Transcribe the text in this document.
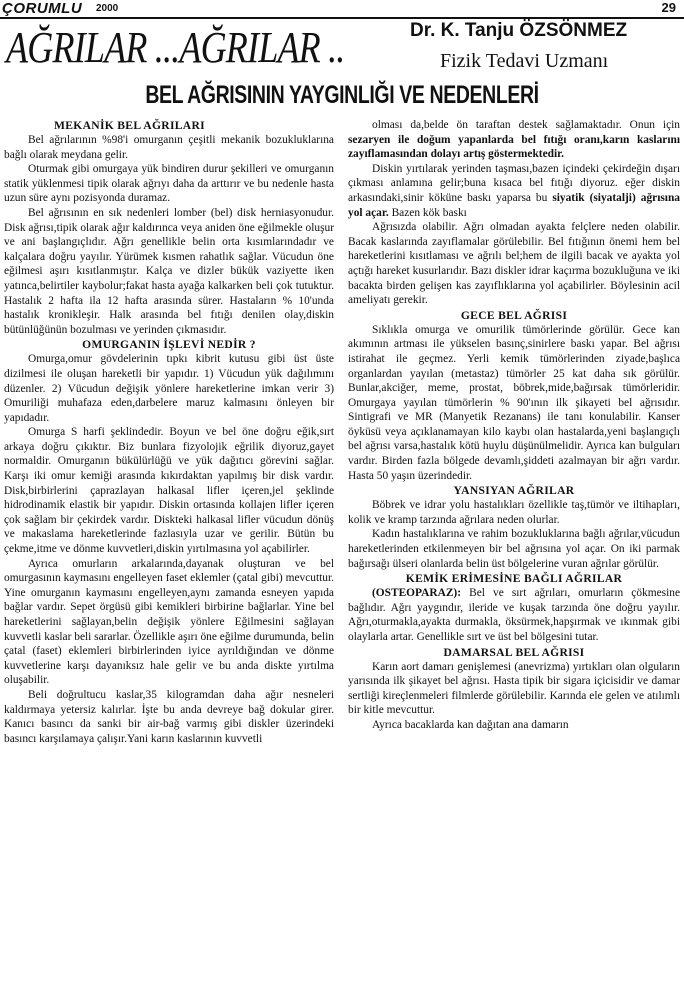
ÇORUMLU 2000	29
AĞRILAR ...AĞRILAR ..	Dr. K. Tanju ÖZSÖNMEZ
Fizik Tedavi Uzmanı
BEL AĞRISININ YAYGINLIĞI VE NEDENLERİ
MEKANİK BEL AĞRILARI

Bel ağrılarının %98'i omurganın çeşitli mekanik bozukluklarına bağlı olarak meydana gelir.

Oturmak gibi omurgaya yük bindiren durur şekilleri ve omurganın statik yüklenmesi tipik olarak ağrıyı daha da arttırır ve bu nedenle hasta uzun süre aynı pozisyonda duramaz.

Bel ağrısının en sık nedenleri lomber (bel) disk herniasyonudur. Disk ağrısı,tipik olarak ağır kaldırınca veya aniden öne eğilmekle oluşur ve ani başlangıçlıdır. Ağrı genellikle belin orta kısımlarındadır ve kalçalara doğru yayılır. Yürümek kısmen rahatlık sağlar. Vücudun öne eğilmesi aşırı kısıtlanmıştır. Kalça ve dizler bükük vaziyette iken yatınca,belirtiler kaybolur;fakat hasta ayağa kalkarken beli çok tutuktur. Hastalık 2 hafta ila 12 hafta arasında sürer. Hastaların % 10'unda hastalık kronikleşir. Halk arasında bel fıtığı denilen olay,diskin bütünlüğünün bozulması ve yerinden çıkmasıdır.

OMURGANIN İŞLEVİ NEDİR ?

Omurga,omur gövdelerinin tıpkı kibrit kutusu gibi üst üste dizilmesi ile oluşan hareketli bir yapıdır. 1) Vücudun yük dağılımını düzenler. 2) Vücudun değişik yönlere hareketlerine imkan verir 3) Omuriliği muhafaza eden,darbelere maruz kalmasını önleyen bir yapıdadır.

Omurga S harfi şeklindedir. Boyun ve bel öne doğru eğik,sırt arkaya doğru çıkıktır. Biz bunlara fizyolojik eğrilik diyoruz,gayet normaldir. Omurganın bükülürlüğü ve yük dağıtıcı görevini sağlar. Karşı iki omur kemiği arasında kıkırdaktan yapılmış bir disk vardır. Disk,birbirlerini çaprazlayan halkasal lifler içeren,jel şeklinde hidrodinamik elastik bir yapıdır. Diskin ortasında kollajen lifler içeren çok sağlam bir çekirdek vardır. Diskteki halkasal lifler vücudun dönüş ve makaslama hareketlerinde fazlasıyla uzar ve gerilir. Bütün bu çekme,itme ve dönme kuvvetleri,diskin yırtılmasına yol açabilirler.

Ayrıca omurların arkalarında,dayanak oluşturan ve bel omurgasının kaymasını engelleyen faset eklemler (çatal gibi) mevcuttur. Yine omurganın kaymasını engelleyen,aynı zamanda esneyen yapıda bağlar vardır. Sepet örgüsü gibi kemikleri birbirine bağlarlar. Yine bel hareketlerini sağlayan,belin değişik yönlere Eğilmesini sağlayan kuvvetli kaslar beli sararlar. Özellikle aşırı öne eğilme durumunda, belin çatal (faset) eklemleri birbirlerinden iyice ayrıldığından ve dönme kuvvetlerine karşı dayanıksız hale gelir ve bu anda diskte yırtılma oluşabilir.

Beli doğrultucu kaslar,35 kilogramdan daha ağır nesneleri kaldırmaya yetersiz kalırlar. İşte bu anda devreye bağ dokular girer. Kanıcı basıncı da sanki bir air-bağ varmış gibi diskler üzerindeki basıncı karşılamaya çalışır.Yani karın kaslarının kuvvetli

olması da,belde ön taraftan destek sağlamaktadır. Onun için sezaryen ile doğum yapanlarda bel fıtığı oranı,karın kaslarını zayıflamasından dolayı artış göstermektedir.

Diskin yırtılarak yerinden taşması,bazen içindeki çekirdeğin dışarı çıkması anlamına gelir;buna kısaca bel fıtığı diyoruz. eğer diskin arkasındaki,sinir köküne baskı yaparsa bu siyatik (siyatalji) ağrısına yol açar. Bazen kök baskı

Ağrısızda olabilir. Ağrı olmadan ayakta felçlere neden olabilir. Bacak kaslarında zayıflamalar görülebilir. Bel fıtığının önemi hem bel hareketlerini kısıtlaması ve ağrılı bel;hem de ilgili bacak ve ayakta yol açtığı hareket kusurlarıdır. Bazı diskler idrar kaçırma bozukluğuna ve iki bacakta birden gelişen kas zayıflıklarına yol açabilirler. Böylesinin acil ameliyatı gerekir.

GECE BEL AĞRISI

Sıklıkla omurga ve omurilik tümörlerinde görülür. Gece kan akımının artması ile yükselen basınç,sinirlere baskı yapar. Bel ağrısı istirahat ile geçmez. Yerli kemik tümörlerinden ziyade,başlıca organlardan yayılan (metastaz) tümörler 25 kat daha sık görülür. Bunlar,akciğer, meme, prostat, böbrek,mide,bağırsak tümörleridir. Omurgaya yayılan tümörlerin % 90'ının ilk şikayeti bel ağrısıdır. Sintigrafi ve MR (Manyetik Rezanans) ile tanı konulabilir. Kanser öyküsü veya açıklanamayan kilo kaybı olan hastalarda,yeni başlangıçlı bel ağrısı varsa,hastalık kötü huylu düşünülmelidir. Ayrıca kan bulguları vardır. Birden fazla bölgede devamlı,şiddeti azalmayan bir ağrı vardır. Hasta 50 yaşın üzerindedir.

YANSIYAN AĞRILAR

Böbrek ve idrar yolu hastalıkları özellikle taş,tümör ve iltihapları, kolik ve kramp tarzında ağrılara neden olurlar.

Kadın hastalıklarına ve rahim bozukluklarına bağlı ağrılar,vücudun hareketlerinden etkilenmeyen bir bel ağrısına yol açar. On iki parmak bağırsağı ülseri olanlarda belin üst bölgelerine vuran ağrılar görülür.

KEMİK ERİMESİNE BAĞLI AĞRILAR

(OSTEOPARAZ): Bel ve sırt ağrıları, omurların çökmesine bağlıdır. Ağrı yaygındır, ileride ve kuşak tarzında öne doğru yayılır. Ağrı,oturmakla,ayakta durmakla, öksürmek,hapşırmak ve ıkınmak gibi olaylarla artar. Genellikle sırt ve üst bel bölgesini tutar.

DAMARSAL BEL AĞRISI

Karın aort damarı genişlemesi (anevrizma) yırtıkları olan olguların yarısında ilk şikayet bel ağrısı. Hasta tipik bir sigara içicisidir ve damar sertliği kireçlenmeleri filmlerde görülebilir. Karında ele gelen ve atılımlı bir kitle mevcuttur.

Ayrıca bacaklarda kan dağıtan ana damarın
